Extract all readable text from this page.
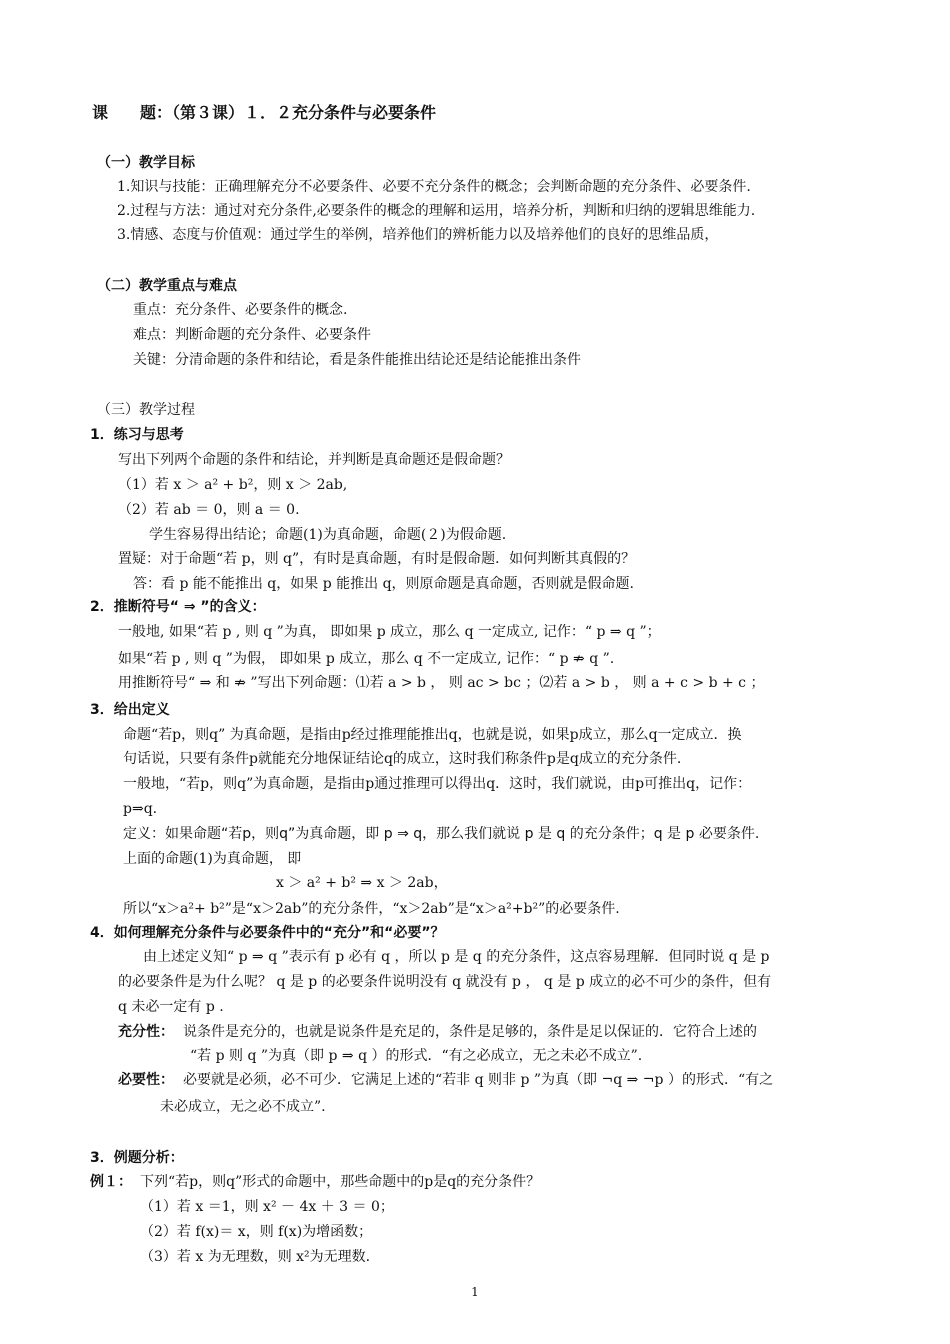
课　　题：（第３课）１．２充分条件与必要条件
（一）教学目标
1.知识与技能：正确理解充分不必要条件、必要不充分条件的概念；会判断命题的充分条件、必要条件.
2.过程与方法：通过对充分条件,必要条件的概念的理解和运用，培养分析，判断和归纳的逻辑思维能力.
3.情感、态度与价值观：通过学生的举例，培养他们的辨析能力以及培养他们的良好的思维品质，
（二）教学重点与难点
重点：充分条件、必要条件的概念.
难点：判断命题的充分条件、必要条件
关键：分清命题的条件和结论，看是条件能推出结论还是结论能推出条件
（三）教学过程
1．练习与思考
写出下列两个命题的条件和结论，并判断是真命题还是假命题？
（1）若 x ＞ a² + b²，则 x ＞ 2ab,
（2）若 ab ＝ 0，则 a ＝ 0.
学生容易得出结论；命题(1)为真命题，命题(２)为假命题.
置疑：对于命题“若 p，则 q”，有时是真命题，有时是假命题．如何判断其真假的？
答：看 p 能不能推出 q，如果 p 能推出 q，则原命题是真命题，否则就是假命题.
2．推断符号“ ⇒ ”的含义：
一般地, 如果“若 p , 则 q ”为真， 即如果 p 成立，那么 q 一定成立, 记作：“ p ⇒ q ”；
如果“若 p , 则 q ”为假， 即如果 p 成立，那么 q 不一定成立, 记作：“ p ⇏ q ”.
用推断符号“ ⇒ 和 ⇏ ”写出下列命题：⑴若 a > b ， 则 ac > bc ；⑵若 a > b ， 则 a + c > b + c ；
3．给出定义
命题“若p，则q” 为真命题，是指由p经过推理能推出q，也就是说，如果p成立，那么q一定成立．换
句话说，只要有条件p就能充分地保证结论q的成立，这时我们称条件p是q成立的充分条件.
一般地，“若p，则q”为真命题，是指由p通过推理可以得出q．这时，我们就说，由p可推出q，记作：
p⇒q.
定义：如果命题“若p，则q”为真命题，即 p ⇒ q，那么我们就说 p 是 q 的充分条件；q 是 p 必要条件.
上面的命题(1)为真命题， 即
x ＞ a² + b² ⇒ x ＞ 2ab，
所以“x＞a²+ b²”是“x＞2ab”的充分条件，“x＞2ab”是“x＞a²+b²”的必要条件.
4．如何理解充分条件与必要条件中的“充分”和“必要”？
由上述定义知“ p ⇒ q ”表示有 p 必有 q ，所以 p 是 q 的充分条件，这点容易理解．但同时说 q 是 p
的必要条件是为什么呢？ q 是 p 的必要条件说明没有 q 就没有 p ， q 是 p 成立的必不可少的条件，但有
q 未必一定有 p .
充分性： 说条件是充分的，也就是说条件是充足的，条件是足够的，条件是足以保证的．它符合上述的
“若 p 则 q ”为真（即 p ⇒ q ）的形式．“有之必成立，无之未必不成立”.
必要性： 必要就是必须，必不可少．它满足上述的“若非 q 则非 p ”为真（即 ¬q ⇒ ¬p ）的形式．“有之
未必成立，无之必不成立”.
3．例题分析：
例１： 下列“若p，则q”形式的命题中，那些命题中的p是q的充分条件？
（1）若 x ＝1，则 x² － 4x ＋ 3 ＝ 0；
（2）若 f(x)＝ x，则 f(x)为增函数；
（3）若 x 为无理数，则 x²为无理数.
1
